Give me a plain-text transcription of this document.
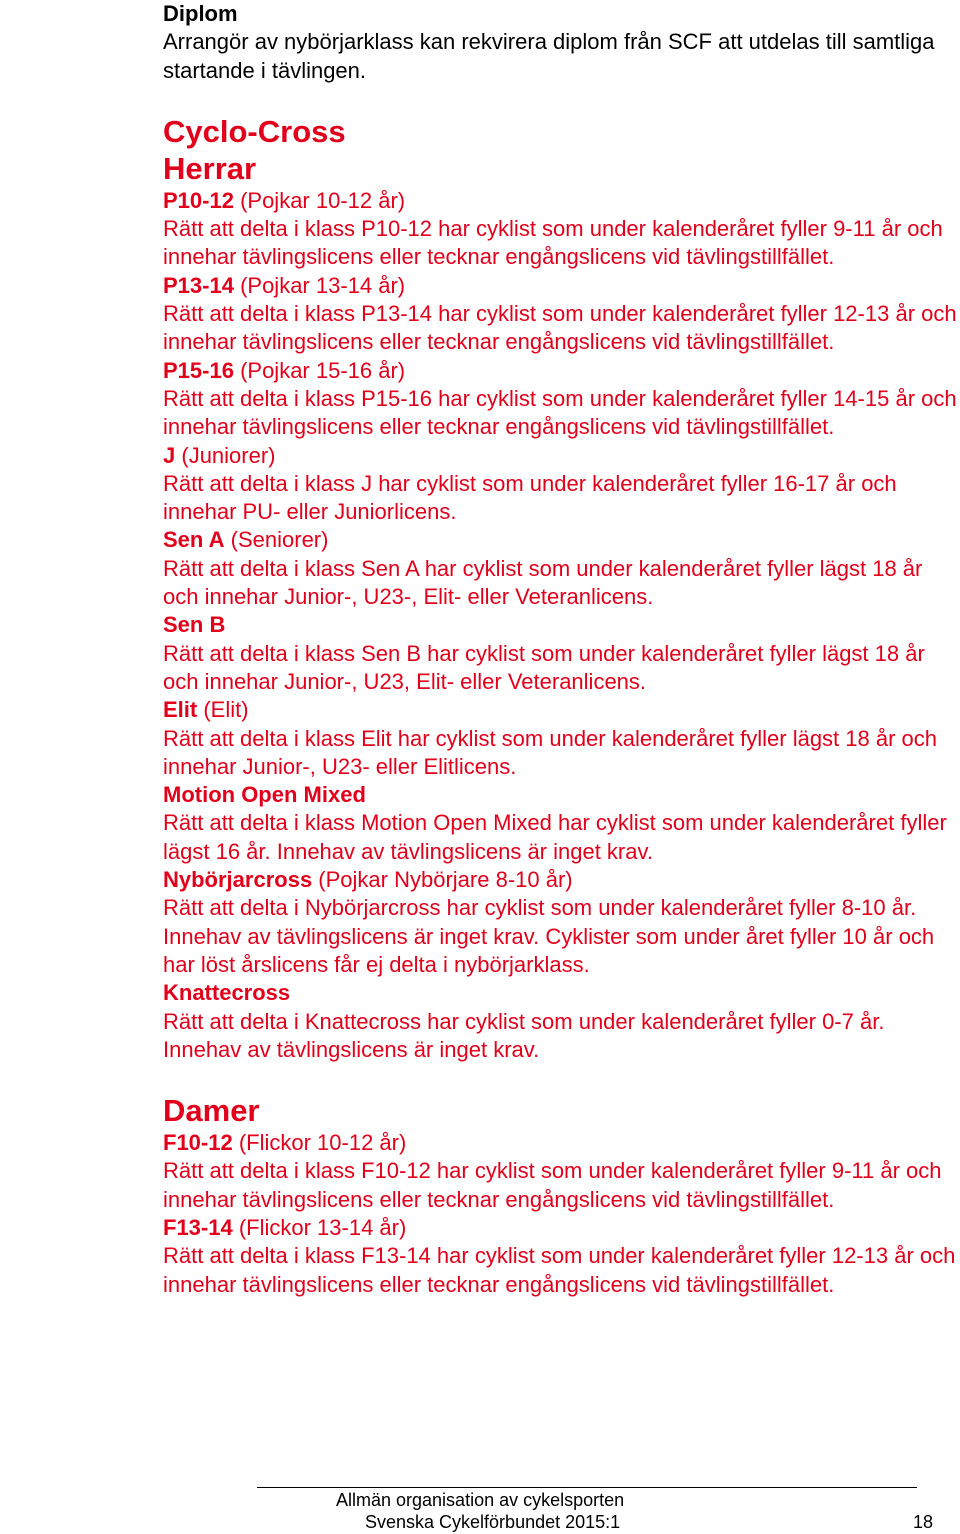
Diplom
Arrangör av nybörjarklass kan rekvirera diplom från SCF att utdelas till samtliga startande i tävlingen.
Cyclo-Cross
Herrar
P10-12 (Pojkar 10-12 år)

Rätt att delta i klass P10-12 har cyklist som under kalenderåret fyller 9-11 år och innehar tävlingslicens eller tecknar engångslicens vid tävlingstillfället.

P13-14 (Pojkar 13-14 år)

Rätt att delta i klass P13-14 har cyklist som under kalenderåret fyller 12-13 år och innehar tävlingslicens eller tecknar engångslicens vid tävlingstillfället.

P15-16 (Pojkar 15-16 år)

Rätt att delta i klass P15-16 har cyklist som under kalenderåret fyller 14-15 år och innehar tävlingslicens eller tecknar engångslicens vid tävlingstillfället.

J (Juniorer)

Rätt att delta i klass J har cyklist som under kalenderåret fyller 16-17 år och innehar PU- eller Juniorlicens.

Sen A (Seniorer)

Rätt att delta i klass Sen A har cyklist som under kalenderåret fyller lägst 18 år och innehar Junior-, U23-, Elit- eller Veteranlicens.

Sen B

Rätt att delta i klass Sen B har cyklist som under kalenderåret fyller lägst 18 år och innehar Junior-, U23, Elit- eller Veteranlicens.

Elit (Elit)

Rätt att delta i klass Elit har cyklist som under kalenderåret fyller lägst 18 år och innehar Junior-, U23- eller Elitlicens.

Motion Open Mixed

Rätt att delta i klass Motion Open Mixed har cyklist som under kalenderåret fyller lägst 16 år. Innehav av tävlingslicens är inget krav.

Nybörjarcross (Pojkar Nybörjare 8-10 år)

Rätt att delta i Nybörjarcross har cyklist som under kalenderåret fyller 8-10 år. Innehav av tävlingslicens är inget krav. Cyklister som under året fyller 10 år och har löst årslicens får ej delta i nybörjarklass.

Knattecross

Rätt att delta i Knattecross har cyklist som under kalenderåret fyller 0-7 år. Innehav av tävlingslicens är inget krav.

Damer
F10-12 (Flickor 10-12 år)

Rätt att delta i klass F10-12 har cyklist som under kalenderåret fyller 9-11 år och innehar tävlingslicens eller tecknar engångslicens vid tävlingstillfället.

F13-14 (Flickor 13-14 år)

Rätt att delta i klass F13-14 har cyklist som under kalenderåret fyller 12-13 år och innehar tävlingslicens eller tecknar engångslicens vid tävlingstillfället.

Allmän organisation av cykelsporten
Svenska Cykelförbundet 2015:1	18
